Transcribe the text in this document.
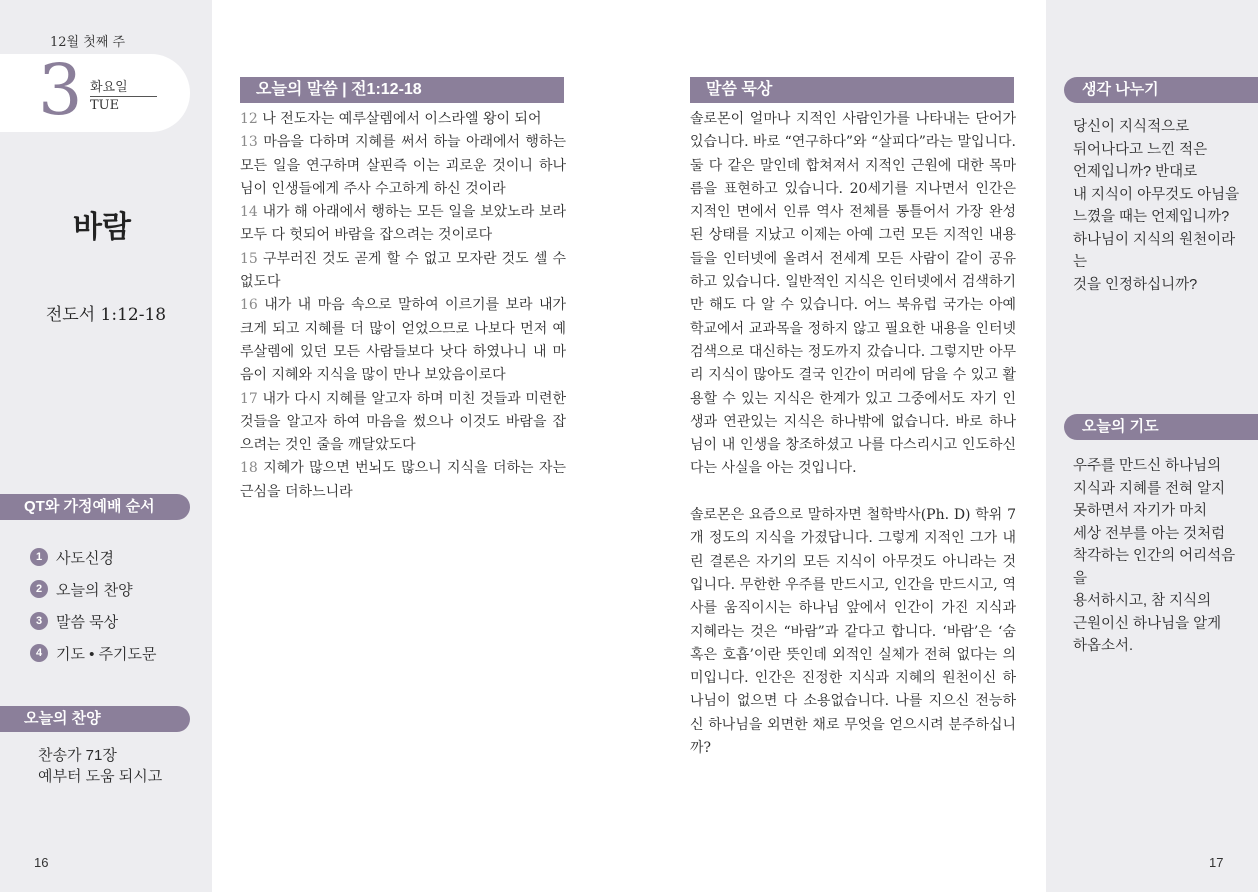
12월 첫째 주
3 화요일
TUE
바람
전도서 1:12-18
QT와 가정예배 순서
1 사도신경
2 오늘의 찬양
3 말씀 묵상
4 기도 • 주기도문
오늘의 찬양
찬송가 71장
예부터 도움 되시고
16
오늘의 말씀 | 전1:12-18
12 나 전도자는 예루살렘에서 이스라엘 왕이 되어
13 마음을 다하며 지혜를 써서 하늘 아래에서 행하는 모든 일을 연구하며 살핀즉 이는 괴로운 것이니 하나님이 인생들에게 주사 수고하게 하신 것이라
14 내가 해 아래에서 행하는 모든 일을 보았노라 보라 모두 다 헛되어 바람을 잡으려는 것이로다
15 구부러진 것도 곧게 할 수 없고 모자란 것도 셀 수 없도다
16 내가 내 마음 속으로 말하여 이르기를 보라 내가 크게 되고 지혜를 더 많이 얻었으므로 나보다 먼저 예루살렘에 있던 모든 사람들보다 낫다 하였나니 내 마음이 지혜와 지식을 많이 만나 보았음이로다
17 내가 다시 지혜를 알고자 하며 미친 것들과 미련한 것들을 알고자 하여 마음을 썼으나 이것도 바람을 잡으려는 것인 줄을 깨달았도다
18 지혜가 많으면 번뇌도 많으니 지식을 더하는 자는 근심을 더하느니라
말씀 묵상

솔로몬이 얼마나 지적인 사람인가를 나타내는 단어가 있습니다. 바로 “연구하다”와 “살피다”라는 말입니다. 둘 다 같은 말인데 합쳐져서 지적인 근원에 대한 목마름을 표현하고 있습니다. 20세기를 지나면서 인간은 지적인 면에서 인류 역사 전체를 통틀어서 가장 완성된 상태를 지났고 이제는 아예 그런 모든 지적인 내용들을 인터넷에 올려서 전세계 모든 사람이 같이 공유하고 있습니다. 일반적인 지식은 인터넷에서 검색하기만 해도 다 알 수 있습니다. 어느 북유럽 국가는 아예 학교에서 교과목을 정하지 않고 필요한 내용을 인터넷 검색으로 대신하는 정도까지 갔습니다. 그렇지만 아무리 지식이 많아도 결국 인간이 머리에 담을 수 있고 활용할 수 있는 지식은 한계가 있고 그중에서도 자기 인생과 연관있는 지식은 하나밖에 없습니다. 바로 하나님이 내 인생을 창조하셨고 나를 다스리시고 인도하신다는 사실을 아는 것입니다.

솔로몬은 요즘으로 말하자면 철학박사(Ph. D) 학위 7개 정도의 지식을 가졌답니다. 그렇게 지적인 그가 내린 결론은 자기의 모든 지식이 아무것도 아니라는 것입니다. 무한한 우주를 만드시고, 인간을 만드시고, 역사를 움직이시는 하나님 앞에서 인간이 가진 지식과 지혜라는 것은 “바람”과 같다고 합니다. ‘바람’은 ‘숨 혹은 호흡’이란 뜻인데 외적인 실체가 전혀 없다는 의미입니다. 인간은 진정한 지식과 지혜의 원천이신 하나님이 없으면 다 소용없습니다. 나를 지으신 전능하신 하나님을 외면한 채로 무엇을 얻으시려 분주하십니까?

생각 나누기
당신이 지식적으로
뒤어나다고 느낀 적은
언제입니까? 반대로
내 지식이 아무것도 아님을
느꼈을 때는 언제입니까?
하나님이 지식의 원천이라는
것을 인정하십니까?
오늘의 기도
우주를 만드신 하나님의
지식과 지혜를 전혀 알지
못하면서 자기가 마치
세상 전부를 아는 것처럼
착각하는 인간의 어리석음을
용서하시고, 참 지식의
근원이신 하나님을 알게
하옵소서.
17
